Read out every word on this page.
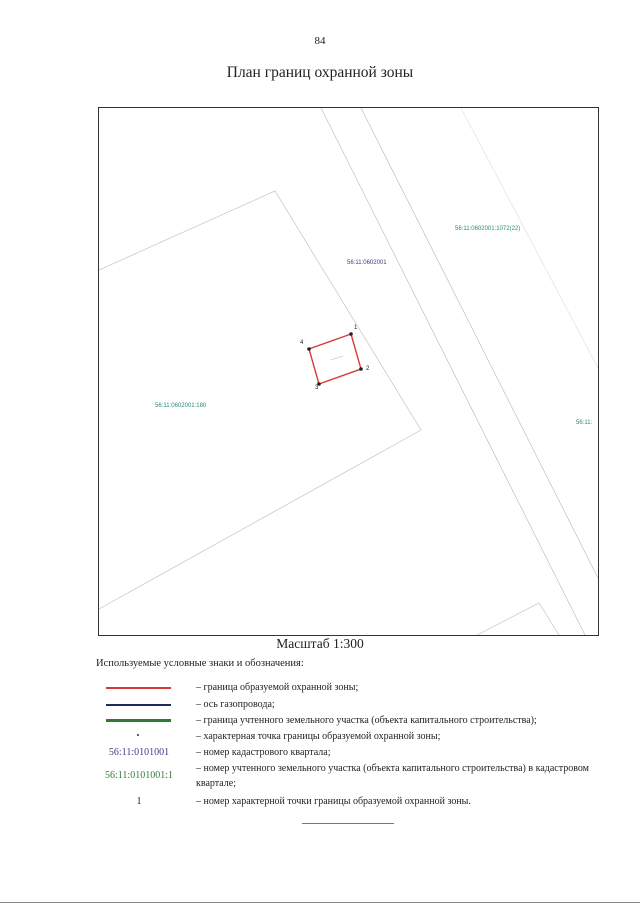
84
План границ охранной зоны
56:11:0602001
56:11:0602001:1072(22)
56:11:0602001:180
56:11:
1
2
3
4
Масштаб 1:300
Используемые условные знаки и обозначения:
– граница образуемой охранной зоны;
– ось газопровода;
– граница учтенного земельного участка (объекта капитального строительства);
– характерная точка границы образуемой охранной зоны;
56:11:0101001	– номер кадастрового квартала;
56:11:0101001:1
– номер учтенного земельного участка (объекта капитального строительства) в кадастровом квартале;
1	– номер характерной точки границы образуемой охранной зоны.
